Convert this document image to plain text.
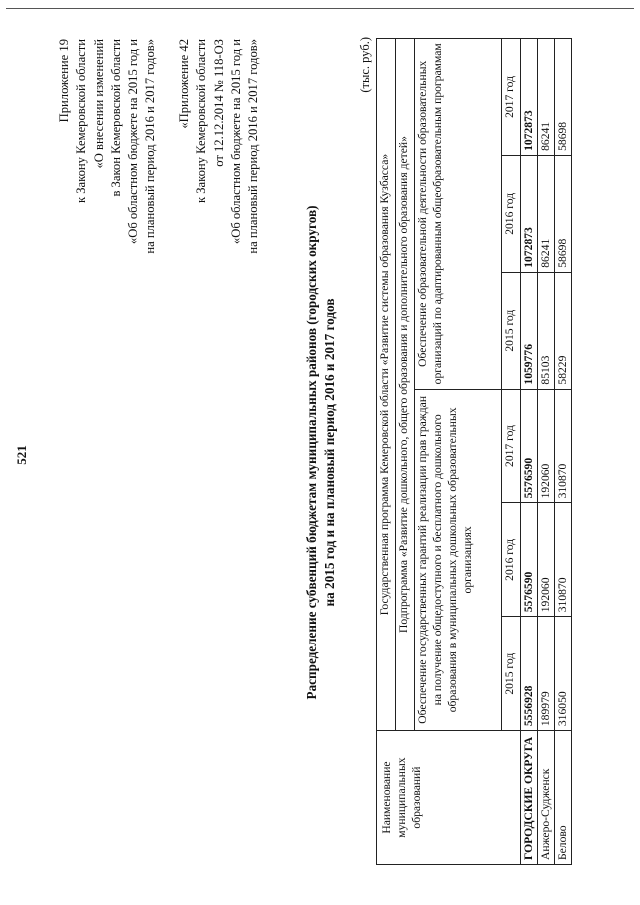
521
Приложение 19 к Закону Кемеровской области «О внесении изменений в Закон Кемеровской области «Об областном бюджете на 2015 год и на плановый период 2016 и 2017 годов» «Приложение 42 к Закону Кемеровской области от 12.12.2014 № 118-ОЗ «Об областном бюджете на 2015 год и на плановый период 2016 и 2017 годов»
Распределение субвенций бюджетам муниципальных районов (городских округов) на 2015 год и на плановый период 2016 и 2017 годов
(тыс. руб.)
Наименование муниципальных образований	Государственная программа Кемеровской области «Развитие системы образования Кузбасса»					
	Подпрограмма «Развитие дошкольного, общего образования и дополнительного образования детей»					
	Обеспечение государственных гарантий реализации прав граждан на получение общедоступного и бесплатного дошкольного образования в муниципальных дошкольных образовательных организациях			Обеспечение образовательной деятельности образовательных организаций по адаптированным общеобразовательным программам		
	2015 год	2016 год	2017 год	2015 год	2016 год	2017 год
ГОРОДСКИЕ ОКРУГА	5556928	5576590	5576590	1059776	1072873	1072873
Анжеро-Судженск	189979	192060	192060	85103	86241	86241
Белово	316050	310870	310870	58229	58698	58698
